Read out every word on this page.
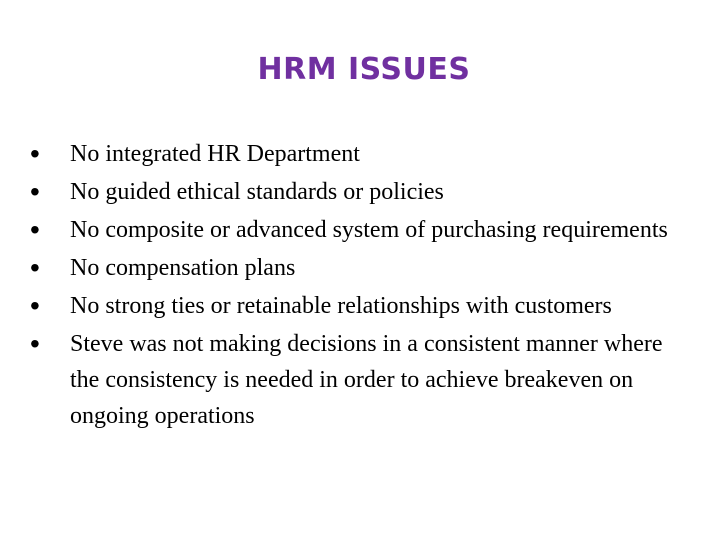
HRM ISSUES
•	No integrated HR Department
•	No guided ethical standards or policies
•	No composite or advanced system of purchasing requirements
•	No compensation plans
•	No strong ties or retainable relationships with customers
•	Steve was not making decisions in a consistent manner where the consistency is needed in order to achieve breakeven on ongoing operations
